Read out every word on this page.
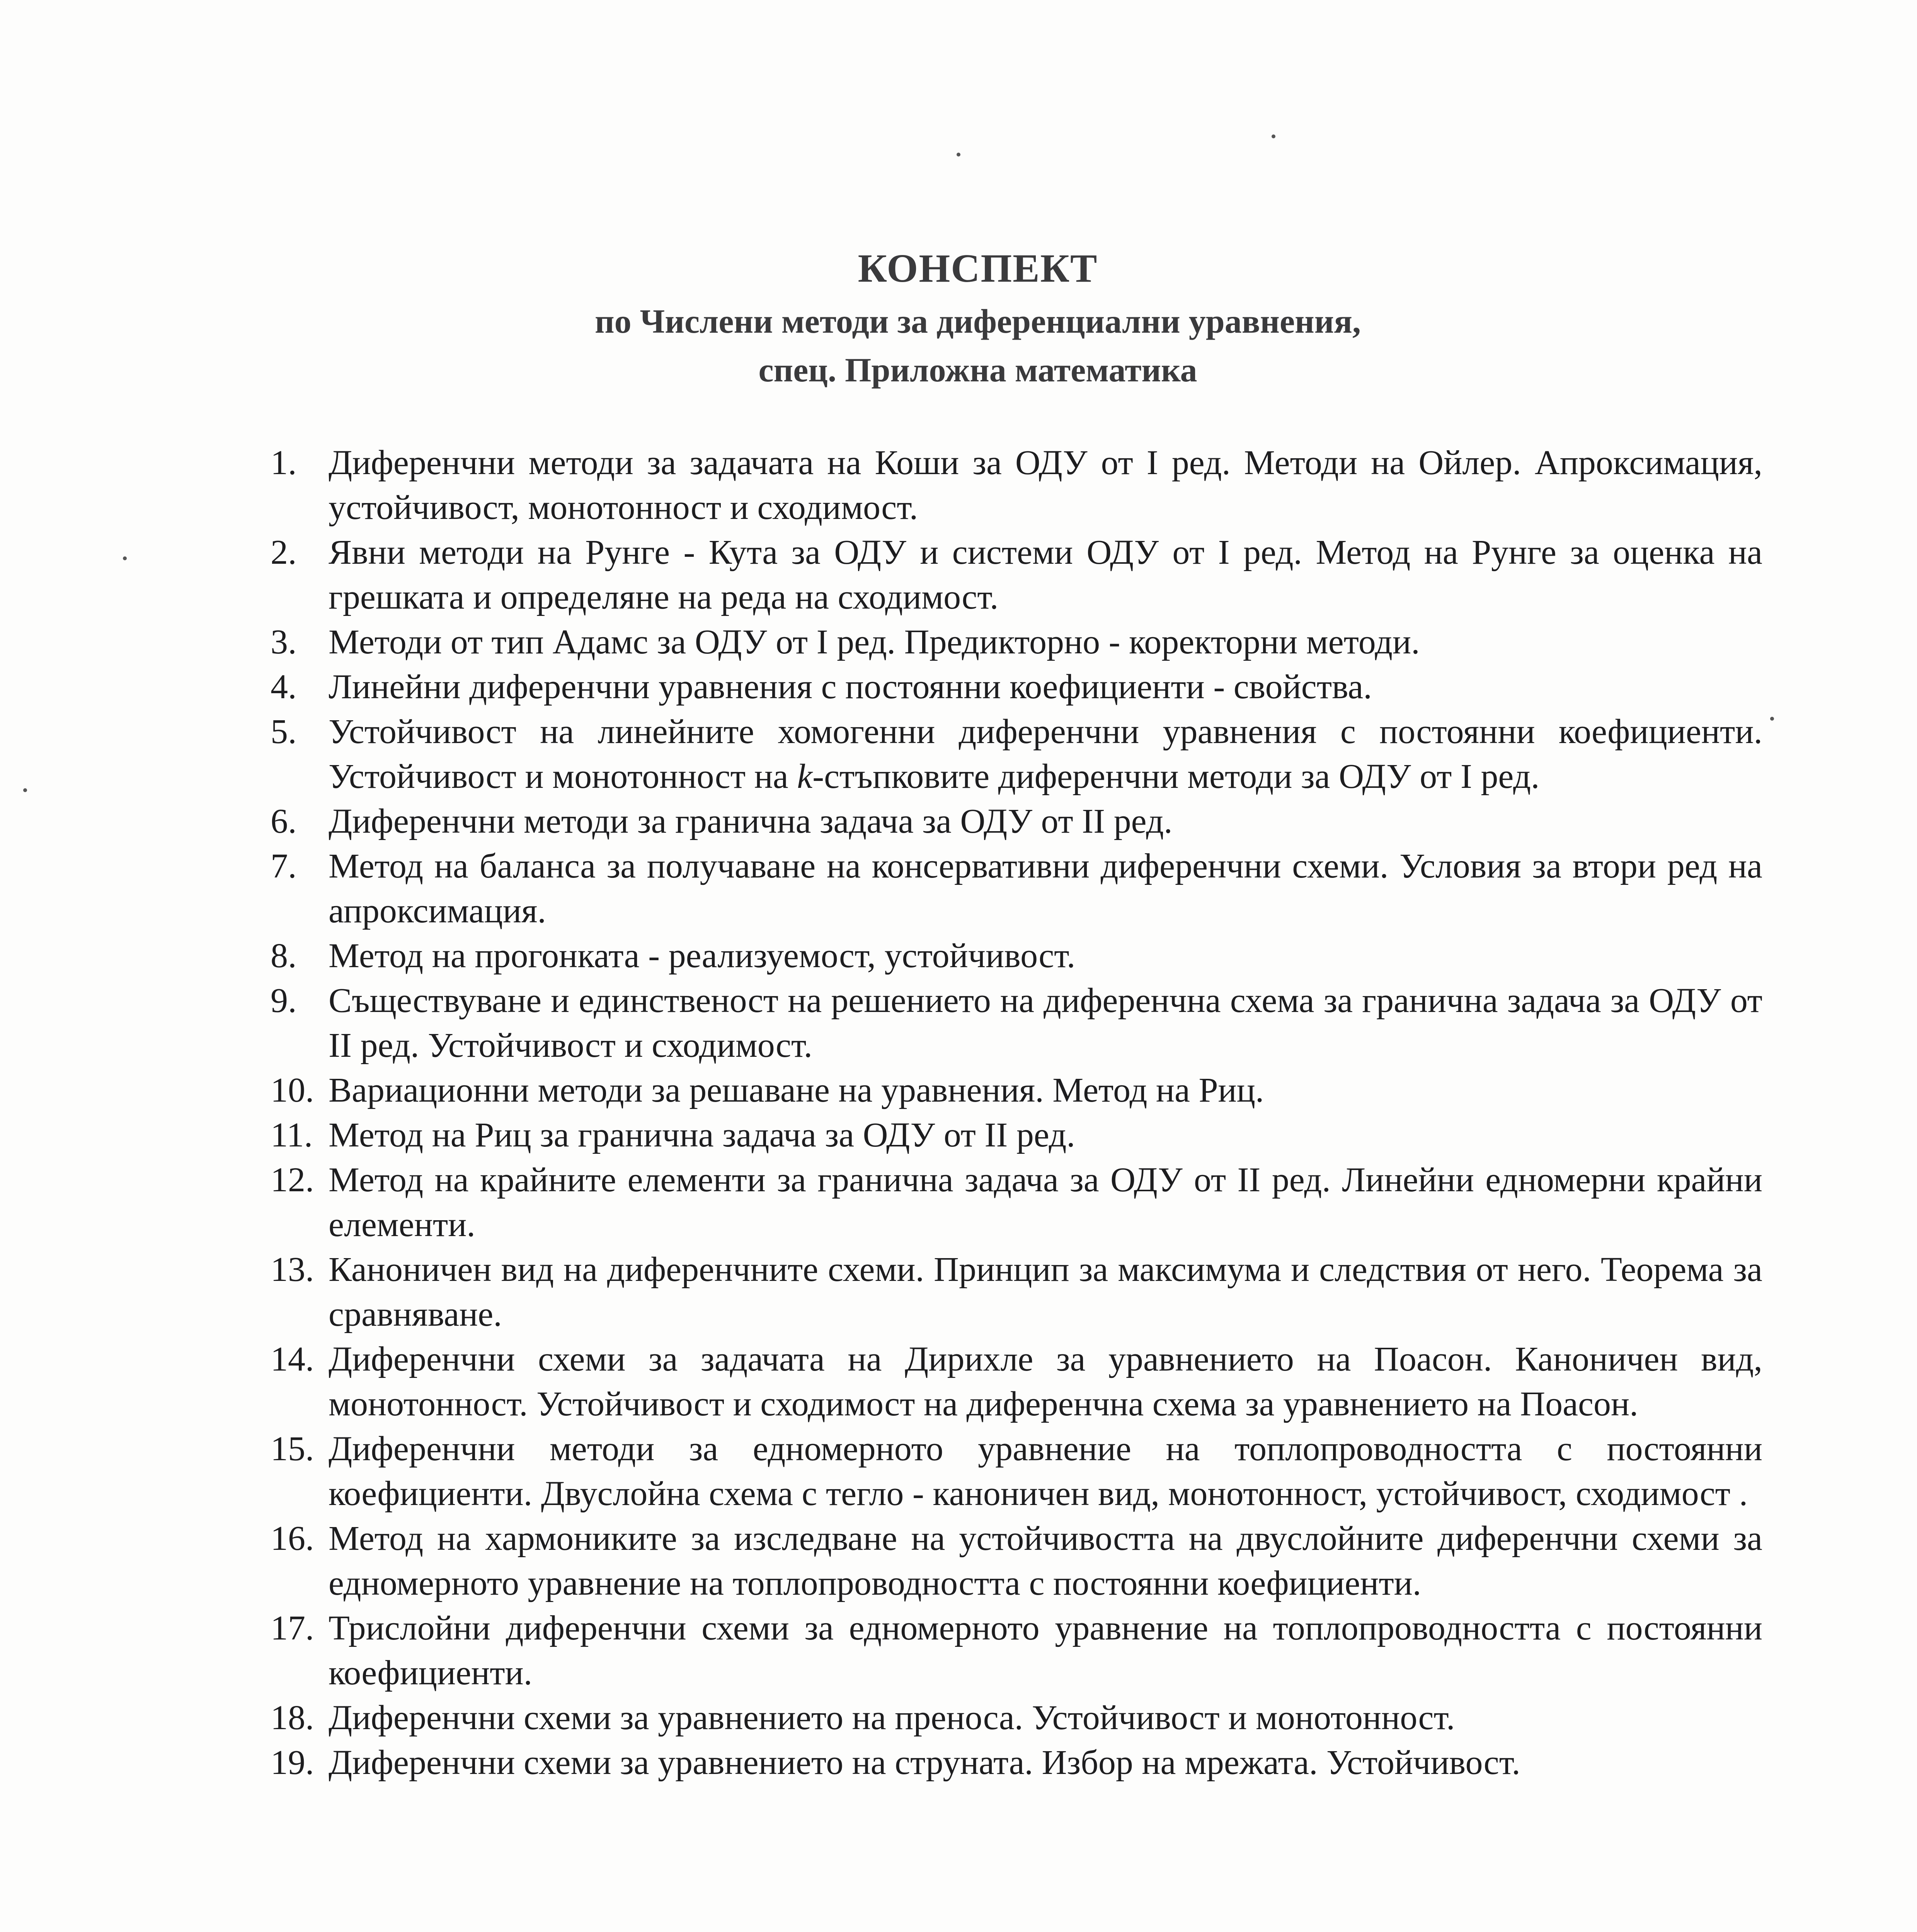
КОНСПЕКТ
по Числени методи за диференциални уравнения,
спец. Приложна математика
1. Диференчни методи за задачата на Коши за ОДУ от I ред. Методи на Ойлер. Апроксимация, устойчивост, монотонност и сходимост.
2. Явни методи на Рунге - Кута за ОДУ и системи ОДУ от I ред. Метод на Рунге за оценка на грешката и определяне на реда на сходимост.
3. Методи от тип Адамс за ОДУ от I ред. Предикторно - коректорни методи.
4. Линейни диференчни уравнения с постоянни коефициенти - свойства.
5. Устойчивост на линейните хомогенни диференчни уравнения с постоянни коефициенти. Устойчивост и монотонност на k-стъпковите диференчни методи за ОДУ от I ред.
6. Диференчни методи за гранична задача за ОДУ от II ред.
7. Метод на баланса за получаване на консервативни диференчни схеми. Условия за втори ред на апроксимация.
8. Метод на прогонката - реализуемост, устойчивост.
9. Съществуване и единственост на решението на диференчна схема за гранична задача за ОДУ от II ред. Устойчивост и сходимост.
10. Вариационни методи за решаване на уравнения. Метод на Риц.
11. Метод на Риц за гранична задача за ОДУ от II ред.
12. Метод на крайните елементи за гранична задача за ОДУ от II ред. Линейни едномерни крайни елементи.
13. Каноничен вид на диференчните схеми. Принцип за максимума и следствия от него. Теорема за сравняване.
14. Диференчни схеми за задачата на Дирихле за уравнението на Поасон. Каноничен вид, монотонност. Устойчивост и сходимост на диференчна схема за уравнението на Поасон.
15. Диференчни методи за едномерното уравнение на топлопроводността с постоянни коефициенти. Двуслойна схема с тегло - каноничен вид, монотонност, устойчивост, сходимост .
16. Метод на хармониките за изследване на устойчивостта на двуслойните диференчни схеми за едномерното уравнение на топлопроводността с постоянни коефициенти.
17. Трислойни диференчни схеми за едномерното уравнение на топлопроводността с постоянни коефициенти.
18. Диференчни схеми за уравнението на преноса. Устойчивост и монотонност.
19. Диференчни схеми за уравнението на струната. Избор на мрежата. Устойчивост.
